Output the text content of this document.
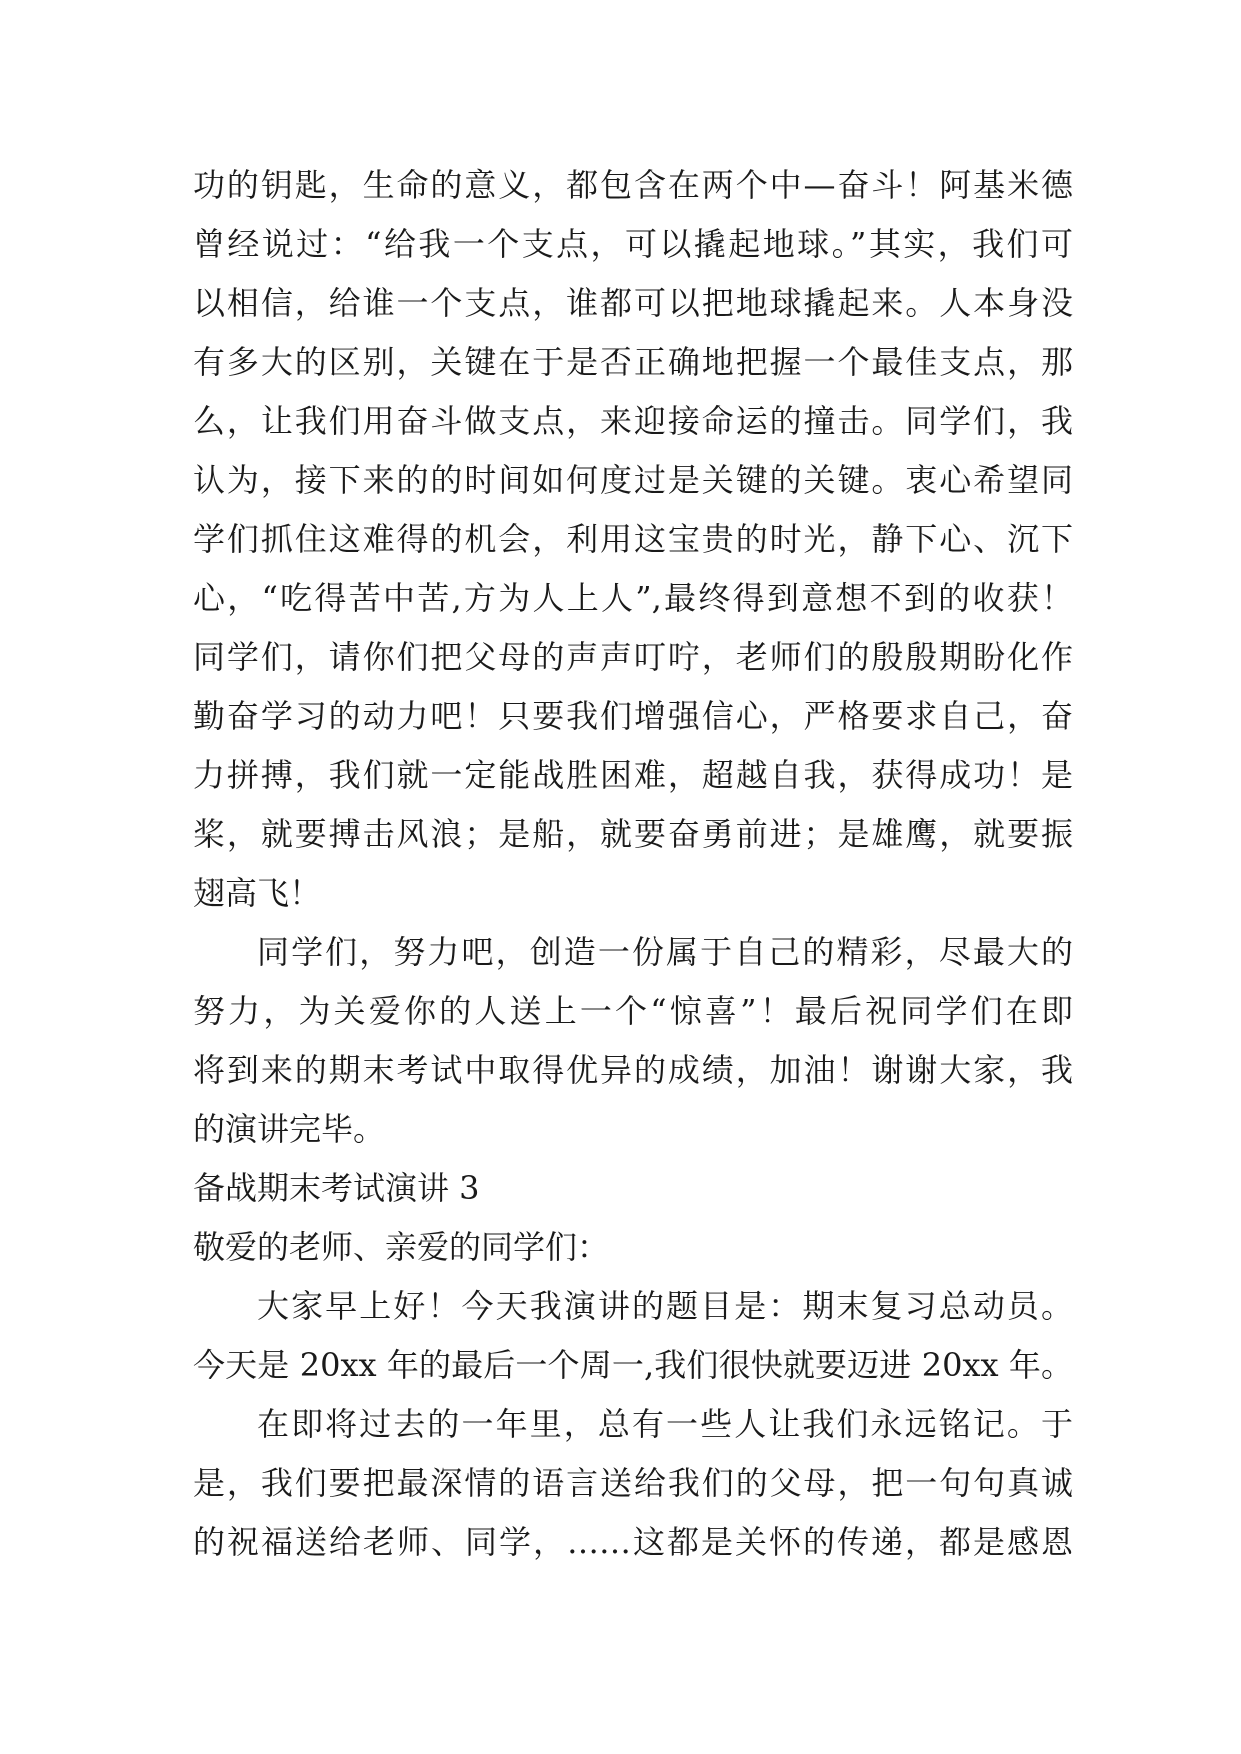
功的钥匙，生命的意义，都包含在两个中—奋斗！阿基米德
曾经说过：“给我一个支点，可以撬起地球。”其实，我们可
以相信，给谁一个支点，谁都可以把地球撬起来。人本身没
有多大的区别，关键在于是否正确地把握一个最佳支点，那
么，让我们用奋斗做支点，来迎接命运的撞击。同学们，我
认为，接下来的的时间如何度过是关键的关键。衷心希望同
学们抓住这难得的机会，利用这宝贵的时光，静下心、沉下
心，“吃得苦中苦,方为人上人”,最终得到意想不到的收获！
同学们，请你们把父母的声声叮咛，老师们的殷殷期盼化作
勤奋学习的动力吧！只要我们增强信心，严格要求自己，奋
力拼搏，我们就一定能战胜困难，超越自我，获得成功！是
桨，就要搏击风浪；是船，就要奋勇前进；是雄鹰，就要振
翅高飞！
同学们，努力吧，创造一份属于自己的精彩，尽最大的
努力，为关爱你的人送上一个“惊喜”！最后祝同学们在即
将到来的期末考试中取得优异的成绩，加油！谢谢大家，我
的演讲完毕。
备战期末考试演讲 3
敬爱的老师、亲爱的同学们：
大家早上好！今天我演讲的题目是：期末复习总动员。
今天是 20xx 年的最后一个周一,我们很快就要迈进 20xx 年。
在即将过去的一年里，总有一些人让我们永远铭记。于
是，我们要把最深情的语言送给我们的父母，把一句句真诚
的祝福送给老师、同学，……这都是关怀的传递，都是感恩
